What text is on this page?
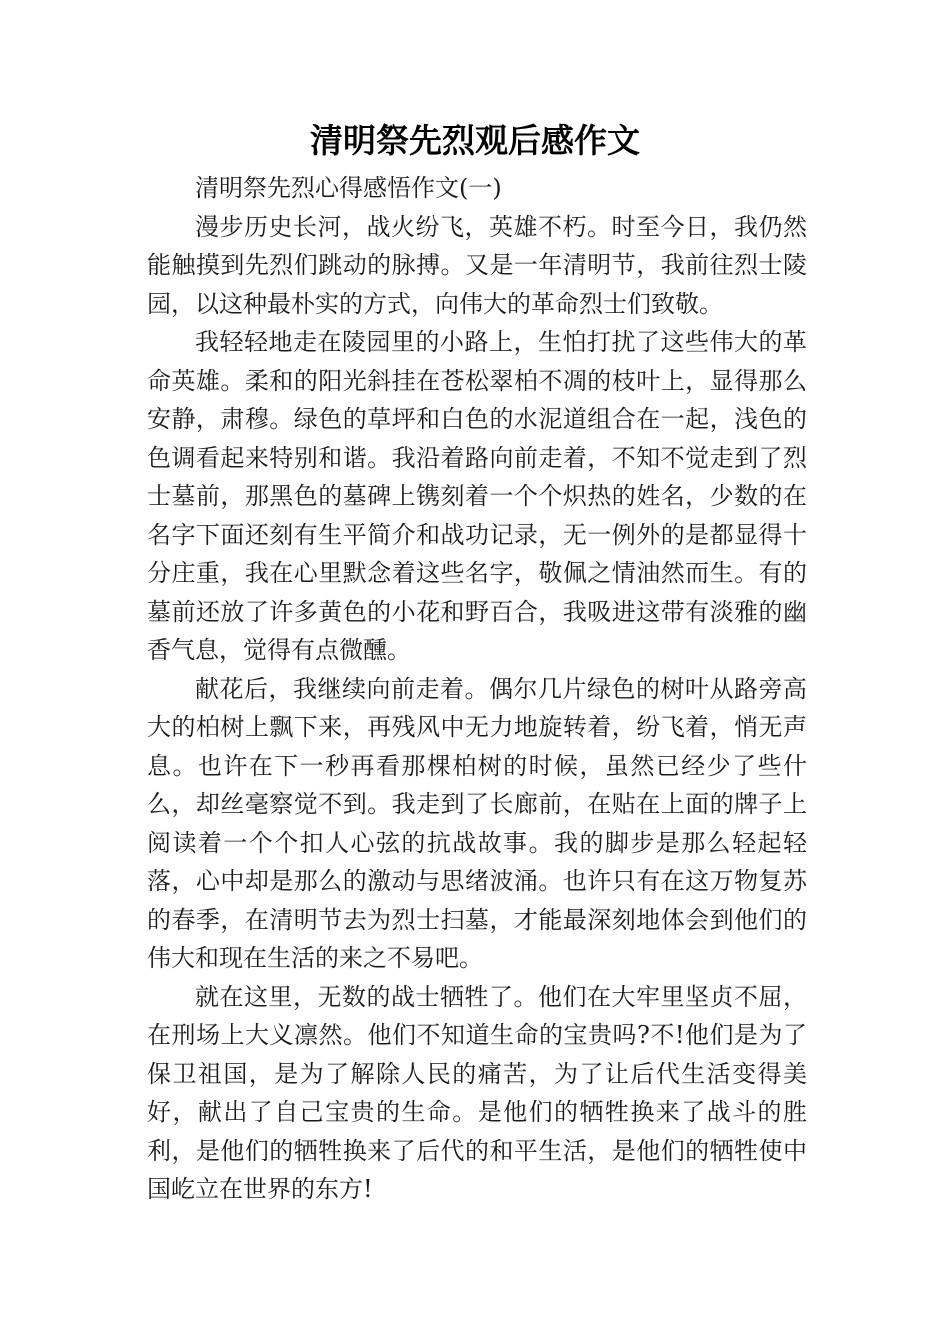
清明祭先烈观后感作文

清明祭先烈心得感悟作文(一)

漫步历史长河，战火纷飞，英雄不朽。时至今日，我仍然能触摸到先烈们跳动的脉搏。又是一年清明节，我前往烈士陵园，以这种最朴实的方式，向伟大的革命烈士们致敬。

我轻轻地走在陵园里的小路上，生怕打扰了这些伟大的革命英雄。柔和的阳光斜挂在苍松翠柏不凋的枝叶上，显得那么安静，肃穆。绿色的草坪和白色的水泥道组合在一起，浅色的色调看起来特别和谐。我沿着路向前走着，不知不觉走到了烈士墓前，那黑色的墓碑上镌刻着一个个炽热的姓名，少数的在名字下面还刻有生平简介和战功记录，无一例外的是都显得十分庄重，我在心里默念着这些名字，敬佩之情油然而生。有的墓前还放了许多黄色的小花和野百合，我吸进这带有淡雅的幽香气息，觉得有点微醺。

献花后，我继续向前走着。偶尔几片绿色的树叶从路旁高大的柏树上飘下来，再残风中无力地旋转着，纷飞着，悄无声息。也许在下一秒再看那棵柏树的时候，虽然已经少了些什么，却丝毫察觉不到。我走到了长廊前，在贴在上面的牌子上阅读着一个个扣人心弦的抗战故事。我的脚步是那么轻起轻落，心中却是那么的激动与思绪波涌。也许只有在这万物复苏的春季，在清明节去为烈士扫墓，才能最深刻地体会到他们的伟大和现在生活的来之不易吧。

就在这里，无数的战士牺牲了。他们在大牢里坚贞不屈，在刑场上大义凛然。他们不知道生命的宝贵吗?不!他们是为了保卫祖国，是为了解除人民的痛苦，为了让后代生活变得美好，献出了自己宝贵的生命。是他们的牺牲换来了战斗的胜利，是他们的牺牲换来了后代的和平生活，是他们的牺牲使中国屹立在世界的东方!
